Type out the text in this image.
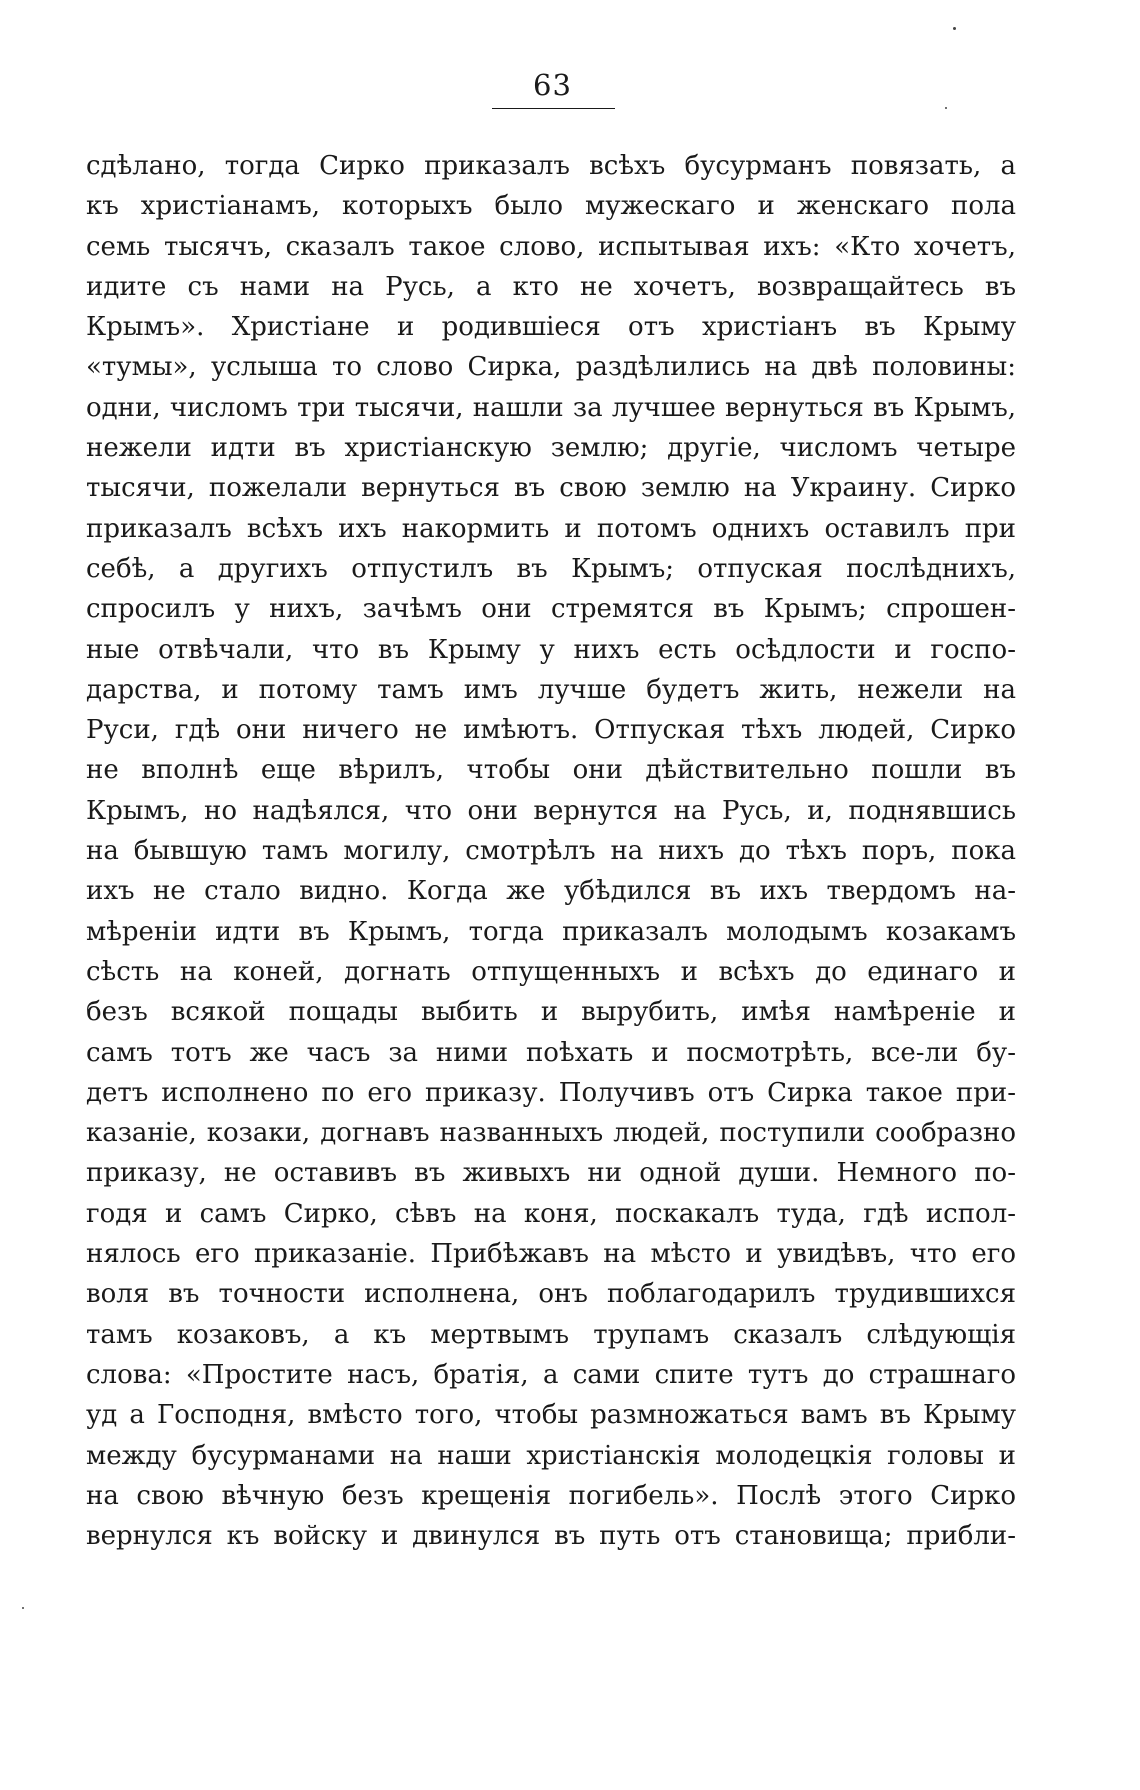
63
сдѣлано, тогда Сирко приказалъ всѣхъ бусурманъ повязать, а
къ христіанамъ, которыхъ было мужескаго и женскаго пола
семь тысячъ, сказалъ такое слово, испытывая ихъ: «Кто хочетъ,
идите съ нами на Русь, а кто не хочетъ, возвращайтесь въ
Крымъ». Христіане и родившіеся отъ христіанъ въ Крыму
«тумы», услыша то слово Сирка, раздѣлились на двѣ половины:
одни, числомъ три тысячи, нашли за лучшее вернуться въ Крымъ,
нежели идти въ христіанскую землю; другіе, числомъ четыре
тысячи, пожелали вернуться въ свою землю на Украину. Сирко
приказалъ всѣхъ ихъ накормить и потомъ однихъ оставилъ при
себѣ, а другихъ отпустилъ въ Крымъ; отпуская послѣднихъ,
спросилъ у нихъ, зачѣмъ они стремятся въ Крымъ; спрошен-
ные отвѣчали, что въ Крыму у нихъ есть осѣдлости и госпо-
дарства, и потому тамъ имъ лучше будетъ жить, нежели на
Руси, гдѣ они ничего не имѣютъ. Отпуская тѣхъ людей, Сирко
не вполнѣ еще вѣрилъ, чтобы они дѣйствительно пошли въ
Крымъ, но надѣялся, что они вернутся на Русь, и, поднявшись
на бывшую тамъ могилу, смотрѣлъ на нихъ до тѣхъ поръ, пока
ихъ не стало видно. Когда же убѣдился въ ихъ твердомъ на-
мѣреніи идти въ Крымъ, тогда приказалъ молодымъ козакамъ
сѣсть на коней, догнать отпущенныхъ и всѣхъ до единаго и
безъ всякой пощады выбить и вырубить, имѣя намѣреніе и
самъ тотъ же часъ за ними поѣхать и посмотрѣть, все-ли бу-
детъ исполнено по его приказу. Получивъ отъ Сирка такое при-
казаніе, козаки, догнавъ названныхъ людей, поступили сообразно
приказу, не оставивъ въ живыхъ ни одной души. Немного по-
годя и самъ Сирко, сѣвъ на коня, поскакалъ туда, гдѣ испол-
нялось его приказаніе. Прибѣжавъ на мѣсто и увидѣвъ, что его
воля въ точности исполнена, онъ поблагодарилъ трудившихся
тамъ козаковъ, а къ мертвымъ трупамъ сказалъ слѣдующія
слова: «Простите насъ, братія, а сами спите тутъ до страшнаго
уд а Господня, вмѣсто того, чтобы размножаться вамъ въ Крыму
между бусурманами на наши христіанскія молодецкія головы и
на свою вѣчную безъ крещенія погибель». Послѣ этого Сирко
вернулся къ войску и двинулся въ путь отъ становища; прибли-
